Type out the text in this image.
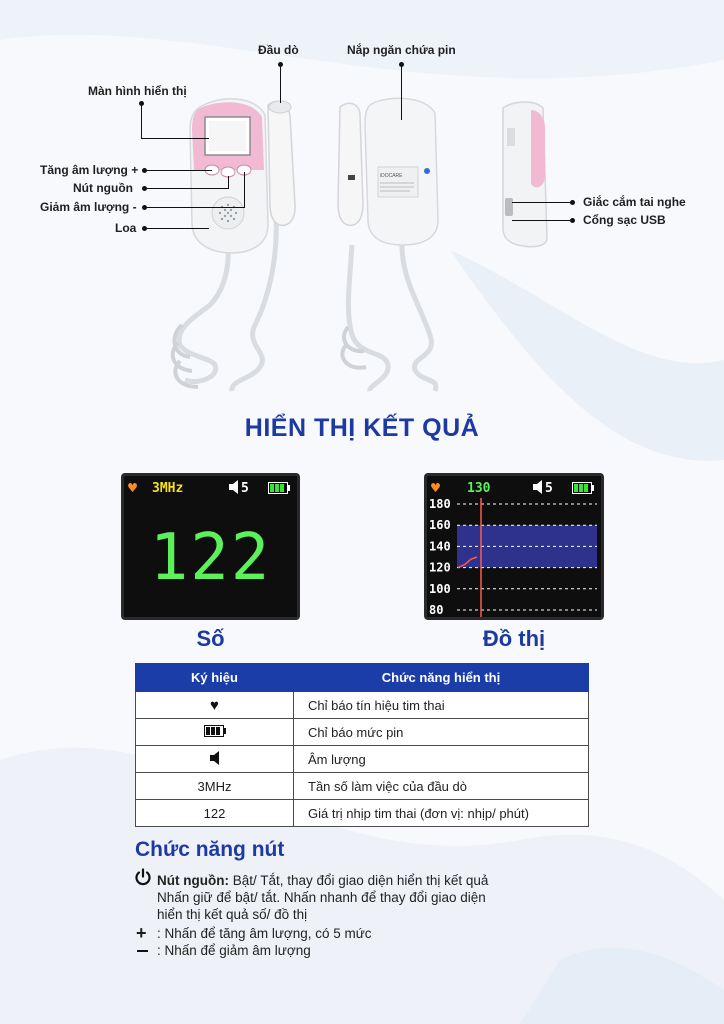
iDOCARE
Đầu dò	Nắp ngăn chứa pin
Màn hình hiển thị
Tăng âm lượng +
Nút nguồn
Giảm âm lượng -
Loa
Giắc cắm tai nghe
Cổng sạc USB
HIỂN THỊ KẾT QUẢ
♥ 3MHz	5
122
Số
♥ 130	5
180
160
140
120
100
80
Đồ thị
Ký hiệu	Chức năng hiển thị
♥	Chỉ báo tín hiệu tim thai
	Chỉ báo mức pin
	Âm lượng
3MHz	Tần số làm việc của đầu dò
122	Giá trị nhịp tim thai (đơn vị: nhịp/ phút)
Chức năng nút
Nút nguồn: Bật/ Tắt, thay đổi giao diện hiển thị kết quả
Nhấn giữ để bật/ tắt. Nhấn nhanh để thay đổi giao diện
hiển thị kết quả số/ đồ thị
+ : Nhấn để tăng âm lượng, có 5 mức
: Nhấn để giảm âm lượng
